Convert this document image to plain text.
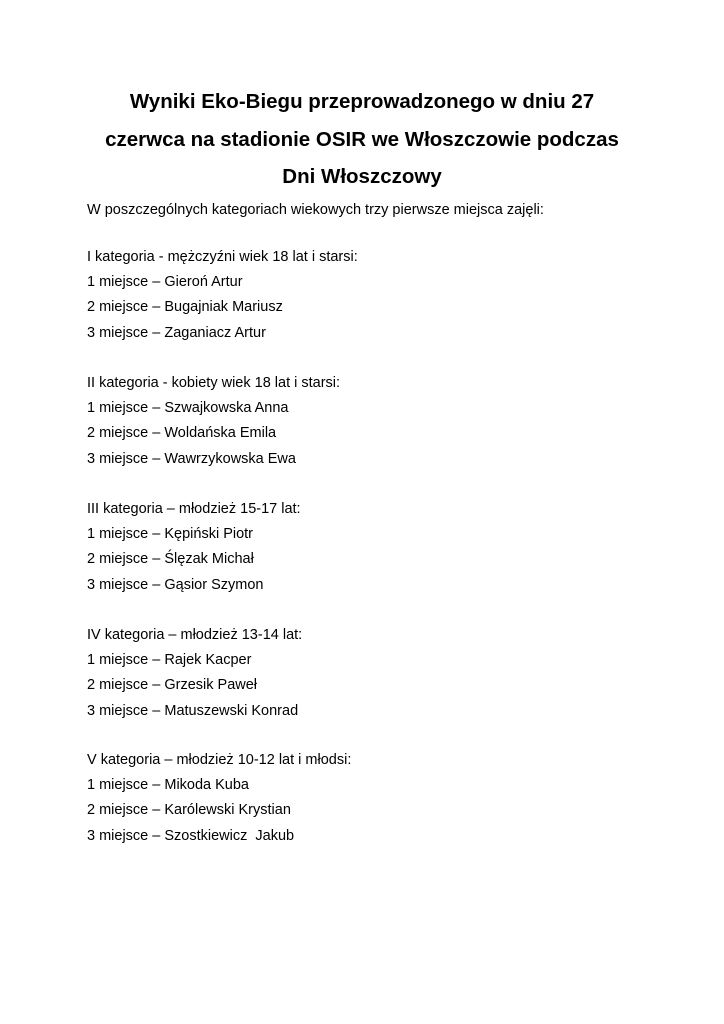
Wyniki Eko-Biegu przeprowadzonego w dniu 27
czerwca na stadionie OSIR we Włoszczowie podczas
Dni Włoszczowy

W poszczególnych kategoriach wiekowych trzy pierwsze miejsca zajęli:

I kategoria - mężczyźni wiek 18 lat i starsi:

1 miejsce – Gieroń Artur

2 miejsce – Bugajniak Mariusz

3 miejsce – Zaganiacz Artur

II kategoria - kobiety wiek 18 lat i starsi:

1 miejsce – Szwajkowska Anna

2 miejsce – Woldańska Emila

3 miejsce – Wawrzykowska Ewa

III kategoria – młodzież 15-17 lat:

1 miejsce – Kępiński Piotr

2 miejsce – Ślęzak Michał

3 miejsce – Gąsior Szymon

IV kategoria – młodzież 13-14 lat:

1 miejsce – Rajek Kacper

2 miejsce – Grzesik Paweł

3 miejsce – Matuszewski Konrad

V kategoria – młodzież 10-12 lat i młodsi:

1 miejsce – Mikoda Kuba

2 miejsce – Karólewski Krystian

3 miejsce – Szostkiewicz  Jakub
